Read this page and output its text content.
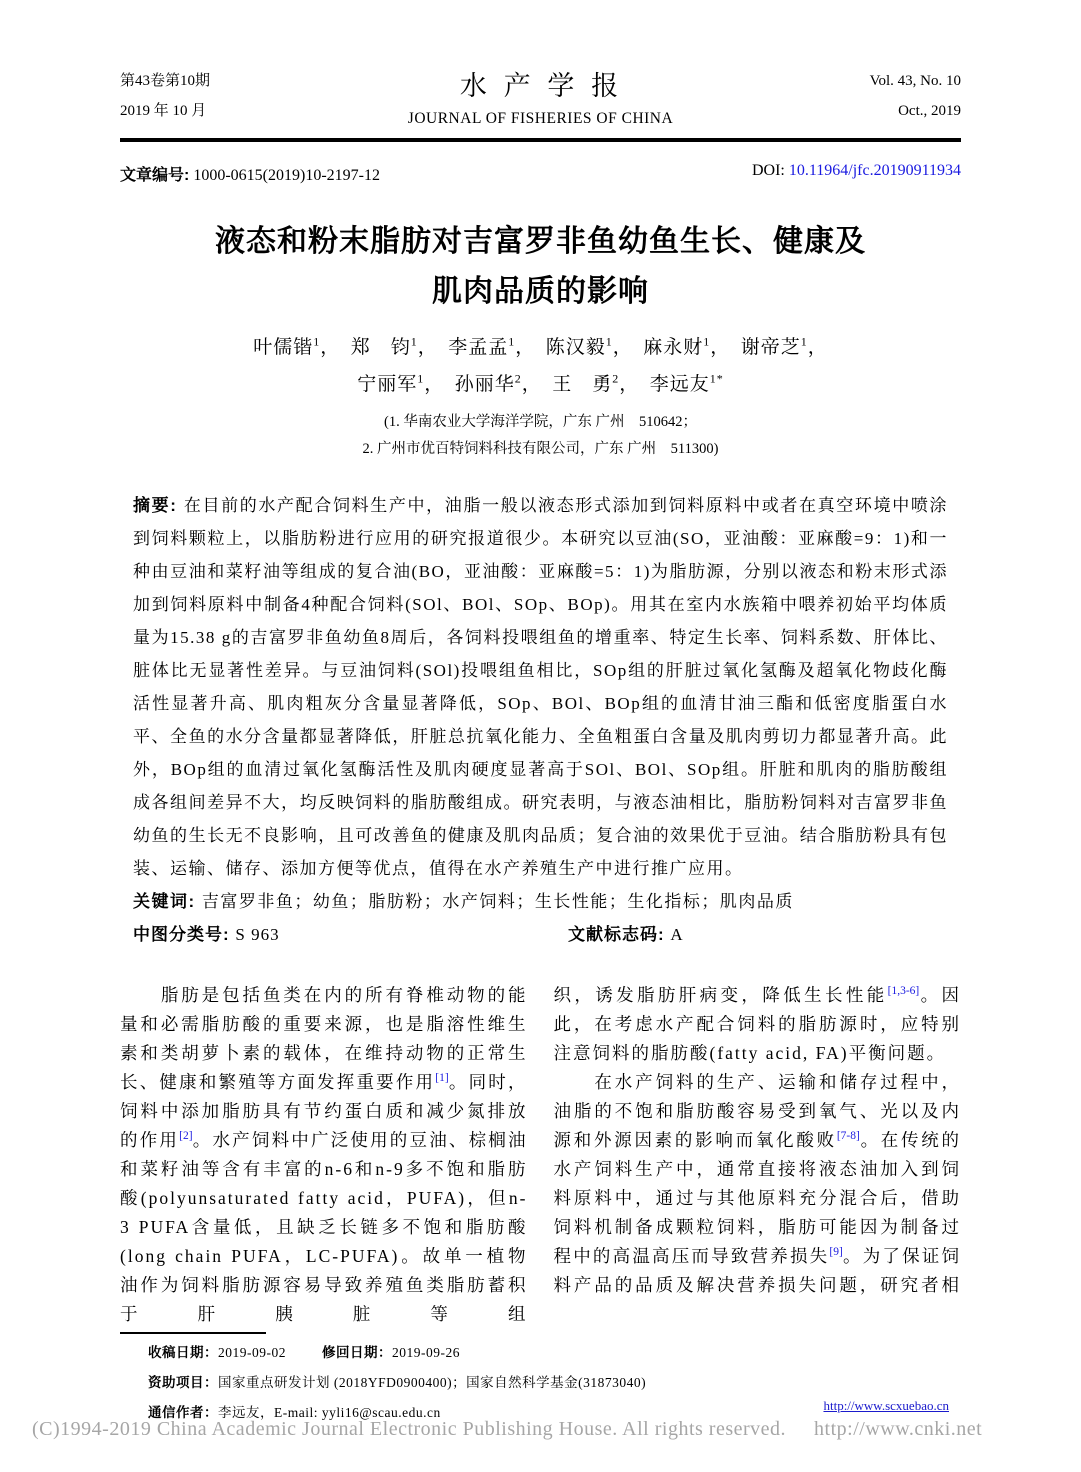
第43卷第10期
2019 年 10 月
水 产 学 报
JOURNAL OF FISHERIES OF CHINA
Vol. 43, No. 10
Oct., 2019
文章编号: 1000-0615(2019)10-2197-12	DOI: 10.11964/jfc.20190911934
液态和粉末脂肪对吉富罗非鱼幼鱼生长、健康及
肌肉品质的影响
叶儒锴$^1$，　郑　钧$^1$，　李孟孟$^1$，　陈汉毅$^1$，　麻永财$^1$，　谢帝芝$^1$，
宁丽军$^1$，　孙丽华$^2$，　王　勇$^2$，　李远友$^{1*}$
(1. 华南农业大学海洋学院，广东 广州　510642；
2. 广州市优百特饲料科技有限公司，广东 广州　511300)
摘要: 在目前的水产配合饲料生产中，油脂一般以液态形式添加到饲料原料中或者在真空环境中喷涂到饲料颗粒上，以脂肪粉进行应用的研究报道很少。本研究以豆油(SO，亚油酸：亚麻酸=9：1)和一种由豆油和菜籽油等组成的复合油(BO，亚油酸：亚麻酸=5：1)为脂肪源，分别以液态和粉末形式添加到饲料原料中制备4种配合饲料(SOl、BOl、SOp、BOp)。用其在室内水族箱中喂养初始平均体质量为15.38 g的吉富罗非鱼幼鱼8周后，各饲料投喂组鱼的增重率、特定生长率、饲料系数、肝体比、脏体比无显著性差异。与豆油饲料(SOl)投喂组鱼相比，SOp组的肝脏过氧化氢酶及超氧化物歧化酶活性显著升高、肌肉粗灰分含量显著降低，SOp、BOl、BOp组的血清甘油三酯和低密度脂蛋白水平、全鱼的水分含量都显著降低，肝脏总抗氧化能力、全鱼粗蛋白含量及肌肉剪切力都显著升高。此外，BOp组的血清过氧化氢酶活性及肌肉硬度显著高于SOl、BOl、SOp组。肝脏和肌肉的脂肪酸组成各组间差异不大，均反映饲料的脂肪酸组成。研究表明，与液态油相比，脂肪粉饲料对吉富罗非鱼幼鱼的生长无不良影响，且可改善鱼的健康及肌肉品质；复合油的效果优于豆油。结合脂肪粉具有包装、运输、储存、添加方便等优点，值得在水产养殖生产中进行推广应用。
关键词: 吉富罗非鱼；幼鱼；脂肪粉；水产饲料；生长性能；生化指标；肌肉品质
中图分类号: S 963	文献标志码: A

　　脂肪是包括鱼类在内的所有脊椎动物的能量和必需脂肪酸的重要来源，也是脂溶性维生素和类胡萝卜素的载体，在维持动物的正常生长、健康和繁殖等方面发挥重要作用[1]。同时，饲料中添加脂肪具有节约蛋白质和减少氮排放的作用[2]。水产饲料中广泛使用的豆油、棕榈油和菜籽油等含有丰富的n-6和n-9多不饱和脂肪酸(polyunsaturated fatty acid，PUFA)，但n-3 PUFA含量低，且缺乏长链多不饱和脂肪酸(long chain PUFA，LC-PUFA)。故单一植物油作为饲料脂肪源容易导致养殖鱼类脂肪蓄积于肝胰脏等组

织，诱发脂肪肝病变，降低生长性能[1,3-6]。因此，在考虑水产配合饲料的脂肪源时，应特别注意饲料的脂肪酸(fatty acid, FA)平衡问题。

　　在水产饲料的生产、运输和储存过程中，油脂的不饱和脂肪酸容易受到氧气、光以及内源和外源因素的影响而氧化酸败[7-8]。在传统的水产饲料生产中，通常直接将液态油加入到饲料原料中，通过与其他原料充分混合后，借助饲料机制备成颗粒饲料，脂肪可能因为制备过程中的高温高压而导致营养损失[9]。为了保证饲料产品的品质及解决营养损失问题，研究者相

收稿日期：2019-09-02	修回日期：2019-09-26
资助项目：国家重点研发计划 (2018YFD0900400)；国家自然科学基金(31873040)
通信作者：李远友，E-mail: yyli16@scau.edu.cn	http://www.scxuebao.cn
(C)1994-2019 China Academic Journal Electronic Publishing House. All rights reserved. http://www.cnki.net
